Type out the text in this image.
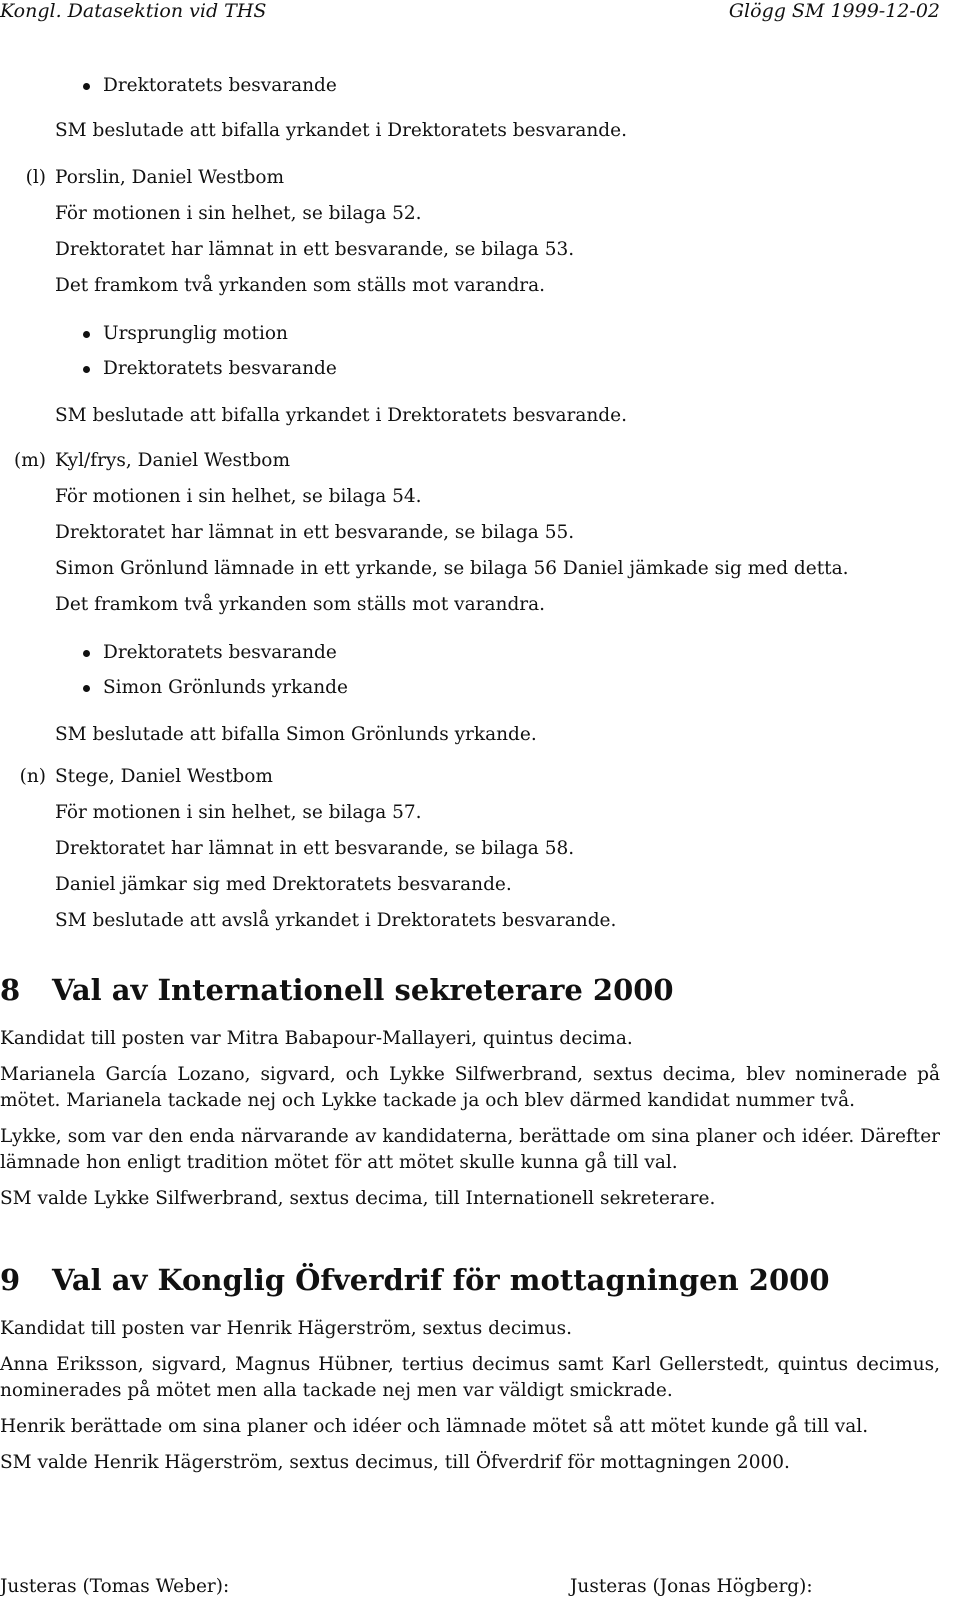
Kongl. Datasektion vid THS	Glögg SM 1999-12-02

Drektoratets besvarande

SM beslutade att bifalla yrkandet i Drektoratets besvarande.

(l) Porslin, Daniel Westbom

För motionen i sin helhet, se bilaga 52.

Drektoratet har lämnat in ett besvarande, se bilaga 53.

Det framkom två yrkanden som ställs mot varandra.

Ursprunglig motion

Drektoratets besvarande

SM beslutade att bifalla yrkandet i Drektoratets besvarande.

(m) Kyl/frys, Daniel Westbom

För motionen i sin helhet, se bilaga 54.

Drektoratet har lämnat in ett besvarande, se bilaga 55.

Simon Grönlund lämnade in ett yrkande, se bilaga 56 Daniel jämkade sig med detta.

Det framkom två yrkanden som ställs mot varandra.

Drektoratets besvarande

Simon Grönlunds yrkande

SM beslutade att bifalla Simon Grönlunds yrkande.

(n) Stege, Daniel Westbom

För motionen i sin helhet, se bilaga 57.

Drektoratet har lämnat in ett besvarande, se bilaga 58.

Daniel jämkar sig med Drektoratets besvarande.

SM beslutade att avslå yrkandet i Drektoratets besvarande.

8 Val av Internationell sekreterare 2000

Kandidat till posten var Mitra Babapour-Mallayeri, quintus decima.

Marianela García Lozano, sigvard, och Lykke Silfwerbrand, sextus decima, blev nominerade på mötet. Marianela tackade nej och Lykke tackade ja och blev därmed kandidat nummer två.

Lykke, som var den enda närvarande av kandidaterna, berättade om sina planer och idéer. Därefter lämnade hon enligt tradition mötet för att mötet skulle kunna gå till val.

SM valde Lykke Silfwerbrand, sextus decima, till Internationell sekreterare.

9 Val av Konglig Öfverdrif för mottagningen 2000

Kandidat till posten var Henrik Hägerström, sextus decimus.

Anna Eriksson, sigvard, Magnus Hübner, tertius decimus samt Karl Gellerstedt, quintus decimus, nominerades på mötet men alla tackade nej men var väldigt smickrade.

Henrik berättade om sina planer och idéer och lämnade mötet så att mötet kunde gå till val.

SM valde Henrik Hägerström, sextus decimus, till Öfverdrif för mottagningen 2000.

Justeras (Tomas Weber):	Justeras (Jonas Högberg):
